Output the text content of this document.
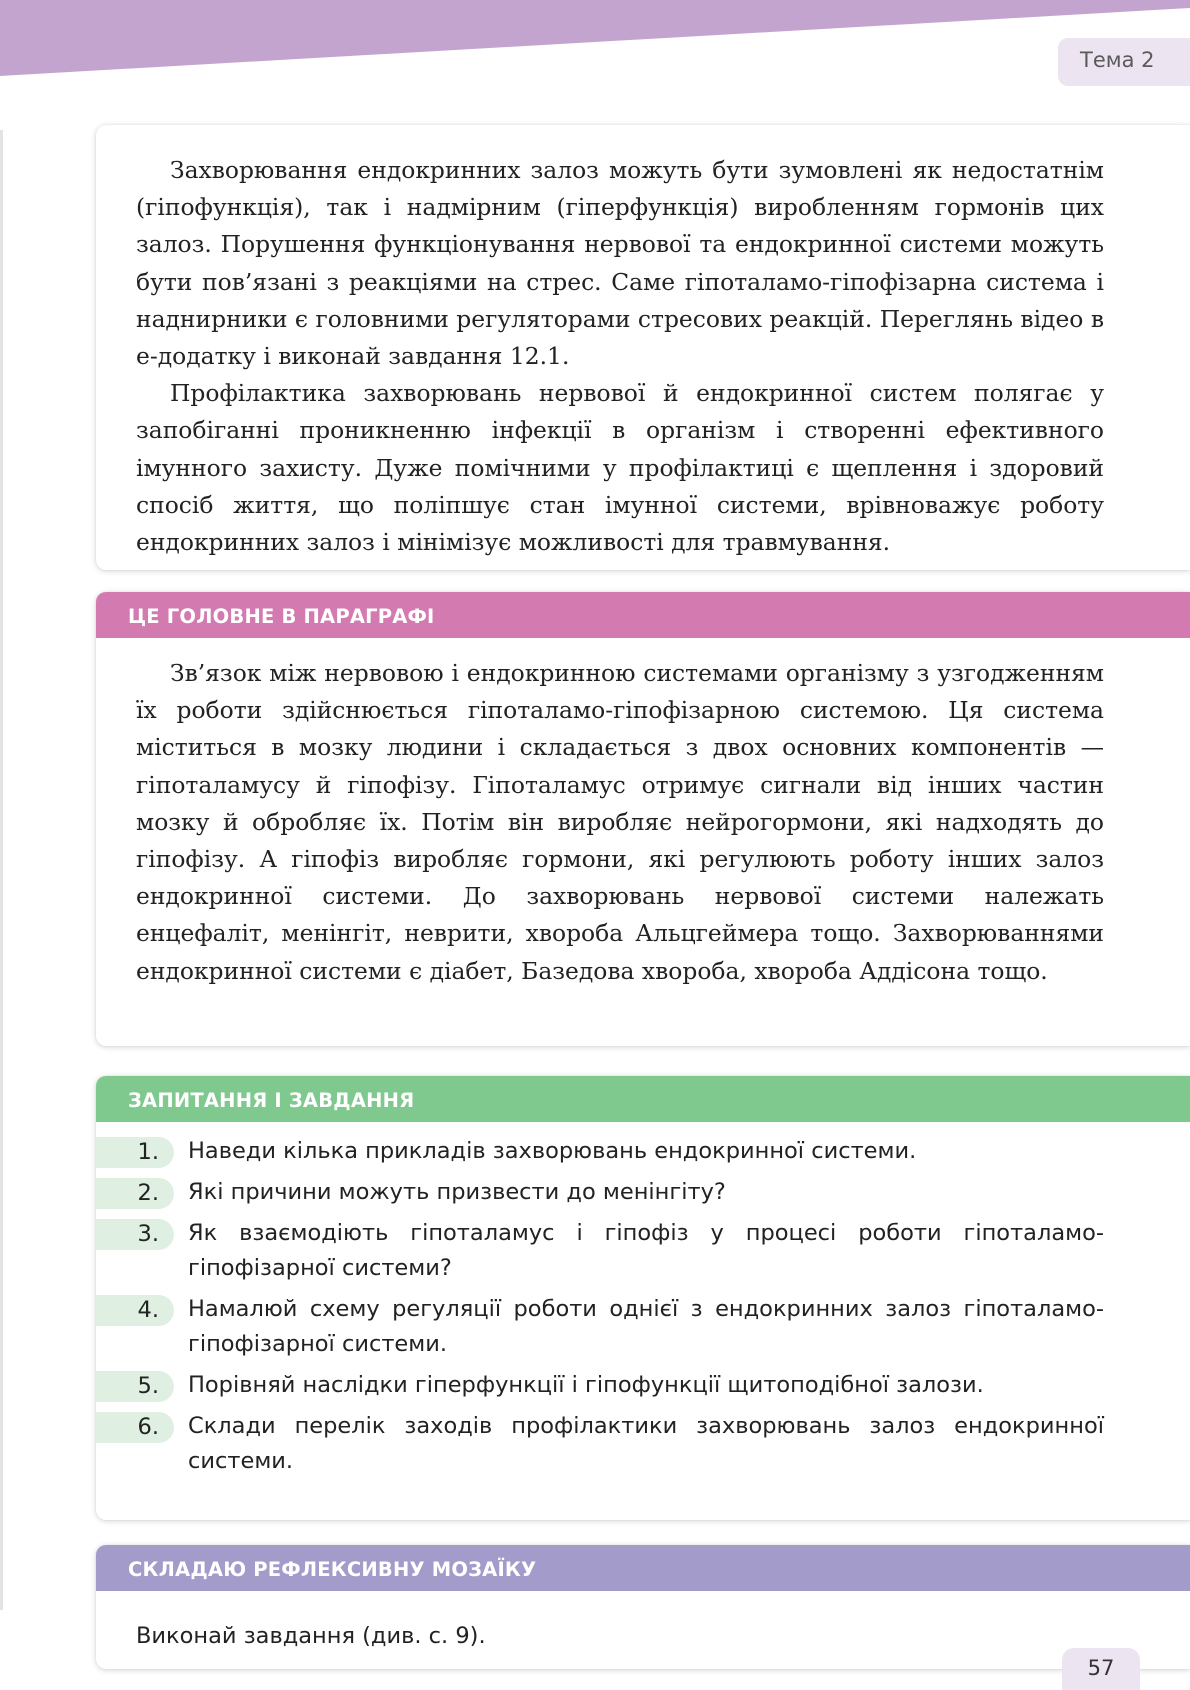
Тема 2

Захворювання ендокринних залоз можуть бути зумовлені як недостатнім (гіпофункція), так і надмірним (гіперфункція) виробленням гормонів цих залоз. Порушення функціонування нервової та ендокринної системи можуть бути пов’язані з реакціями на стрес. Саме гіпоталамо-гіпофізарна система і наднирники є головними регуляторами стресових реакцій. Переглянь відео в е-додатку і виконай завдання 12.1.

Профілактика захворювань нервової й ендокринної систем полягає у запобіганні проникненню інфекції в організм і створенні ефективного імунного захисту. Дуже помічними у профілактиці є щеплення і здоровий спосіб життя, що поліпшує стан імунної системи, врівноважує роботу ендокринних залоз і мінімізує можливості для травмування.

ЦЕ ГОЛОВНЕ В ПАРАГРАФІ

Зв’язок між нервовою і ендокринною системами організму з узгодженням їх роботи здійснюється гіпоталамо-гіпофізарною системою. Ця система міститься в мозку людини і складається з двох основних компонентів — гіпоталамусу й гіпофізу. Гіпоталамус отримує сигнали від інших частин мозку й обробляє їх. Потім він виробляє нейрогормони, які надходять до гіпофізу. А гіпофіз виробляє гормони, які регулюють роботу інших залоз ендокринної системи. До захворювань нервової системи належать енцефаліт, менінгіт, неврити, хвороба Альцгеймера тощо. Захворюваннями ендокринної системи є діабет, Базедова хвороба, хвороба Аддісона тощо.

ЗАПИТАННЯ І ЗАВДАННЯ
1.	Наведи кілька прикладів захворювань ендокринної системи.
2.	Які причини можуть призвести до менінгіту?
3.	Як взаємодіють гіпоталамус і гіпофіз у процесі роботи гіпоталамо-гіпофізарної системи?
4.	Намалюй схему регуляції роботи однієї з ендокринних залоз гіпоталамо-гіпофізарної системи.
5.	Порівняй наслідки гіперфункції і гіпофункції щитоподібної залози.
6.	Склади перелік заходів профілактики захворювань залоз ендокринної системи.
СКЛАДАЮ РЕФЛЕКСИВНУ МОЗАЇКУ
Виконай завдання (див. с. 9).
57
